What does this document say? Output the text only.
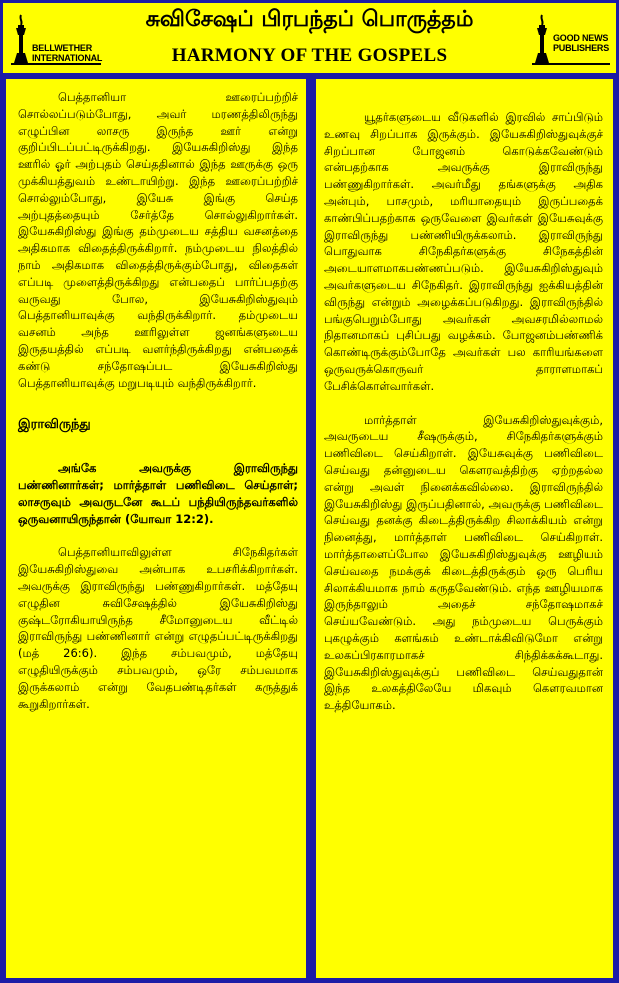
BELLWETHER
INTERNATIONAL
சுவிசேஷப் பிரபந்தப் பொருத்தம்
HARMONY OF THE GOSPELS
GOOD NEWS
PUBLISHERS

பெத்தானியா ஊரைப்பற்றிச் சொல்லப்படும்போது, அவர் மரணத்திலிருந்து எழுப்பின லாசரு இருந்த ஊர் என்று குறிப்பிடப்பட்டிருக்கிறது. இயேசுகிறிஸ்து இந்த ஊரில் ஓர் அற்புதம் செய்ததினால் இந்த ஊருக்கு ஒரு முக்கியத்துவம் உண்டாயிற்று. இந்த ஊரைப்பற்றிச் சொல்லும்போது, இயேசு இங்கு செய்த அற்புதத்தையும் சேர்த்தே சொல்லுகிறார்கள். இயேசுகிறிஸ்து இங்கு தம்முடைய சத்திய வசனத்தை அதிகமாக விதைத்திருக்கிறார். நம்முடைய நிலத்தில் நாம் அதிகமாக விதைத்திருக்கும்போது, விதைகள் எப்படி முளைத்திருக்கிறது என்பதைப் பார்ப்பதற்கு வருவது போல, இயேசுகிறிஸ்துவும் பெத்தானியாவுக்கு வந்திருக்கிறார். தம்முடைய வசனம் அந்த ஊரிலுள்ள ஜனங்களுடைய இருதயத்தில் எப்படி வளர்ந்திருக்கிறது என்பதைக் கண்டு சந்தோஷப்பட இயேசுகிறிஸ்து பெத்தானியாவுக்கு மறுபடியும் வந்திருக்கிறார்.

இராவிருந்து

அங்கே அவருக்கு இராவிருந்து பண்ணினார்கள்; மார்த்தாள் பணிவிடை செய்தாள்; லாசருவும் அவருடனே கூடப் பந்தியிருந்தவர்களில் ஒருவனாயிருந்தான் (யோவா 12:2).

பெத்தானியாவிலுள்ள சிநேகிதர்கள் இயேசுகிறிஸ்துவை அன்பாக உபசரிக்கிறார்கள். அவருக்கு இராவிருந்து பண்ணுகிறார்கள். மத்தேயு எழுதின சுவிசேஷத்தில் இயேசுகிறிஸ்து குஷ்டரோகியாயிருந்த சீமோனுடைய வீட்டில் இராவிருந்து பண்ணினார் என்று எழுதப்பட்டிருக்கிறது (மத் 26:6). இந்த சம்பவமும், மத்தேயு எழுதியிருக்கும் சம்பவமும், ஒரே சம்பவமாக இருக்கலாம் என்று வேதபண்டிதர்கள் கருத்துக் கூறுகிறார்கள்.

யூதர்களுடைய வீடுகளில் இரவில் சாப்பிடும் உணவு சிறப்பாக இருக்கும். இயேசுகிறிஸ்துவுக்குச் சிறப்பான போஜனம் கொடுக்கவேண்டும் என்பதற்காக அவருக்கு இராவிருந்து பண்ணுகிறார்கள். அவர்மீது தங்களுக்கு அதிக அன்பும், பாசமும், மரியாதையும் இருப்பதைக் காண்பிப்பதற்காக ஒருவேளை இவர்கள் இயேசுவுக்கு இராவிருந்து பண்ணியிருக்கலாம். இராவிருந்து பொதுவாக சிநேகிதர்களுக்கு சிநேகத்தின் அடையாளமாகபண்ணப்படும். இயேசுகிறிஸ்துவும் அவர்களுடைய சிநேகிதர். இராவிருந்து ஐக்கியத்தின் விருந்து என்றும் அழைக்கப்படுகிறது. இராவிருந்தில் பங்குபெறும்போது அவர்கள் அவசரமில்லாமல் நிதானமாகப் புசிப்பது வழக்கம். போஜனம்பண்ணிக் கொண்டிருக்கும்போதே அவர்கள் பல காரியங்களை ஒருவருக்கொருவர் தாராளமாகப் பேசிக்கொள்வார்கள்.

மார்த்தாள் இயேசுகிறிஸ்துவுக்கும், அவருடைய சீஷருக்கும், சிநேகிதர்களுக்கும் பணிவிடை செய்கிறாள். இயேசுவுக்கு பணிவிடை செய்வது தன்னுடைய கௌரவத்திற்கு ஏற்றதல்ல என்று அவள் நினைக்கவில்லை. இராவிருந்தில் இயேசுகிறிஸ்து இருப்பதினால், அவருக்கு பணிவிடை செய்வது தனக்கு கிடைத்திருக்கிற சிலாக்கியம் என்று நினைத்து, மார்த்தாள் பணிவிடை செய்கிறாள். மார்த்தாளைப்போல இயேசுகிறிஸ்துவுக்கு ஊழியம் செய்வதை நமக்குக் கிடைத்திருக்கும் ஒரு பெரிய சிலாக்கியமாக நாம் கருதவேண்டும். எந்த ஊழியமாக இருந்தாலும் அதைச் சந்தோஷமாகச் செய்யவேண்டும். அது நம்முடைய பெருக்கும் புகழுக்கும் களங்கம் உண்டாக்கிவிடுமோ என்று உலகப்பிரகாரமாகச் சிந்திக்கக்கூடாது. இயேசுகிறிஸ்துவுக்குப் பணிவிடை செய்வதுதான் இந்த உலகத்திலேயே மிகவும் கௌரவமான உத்தியோகம்.
